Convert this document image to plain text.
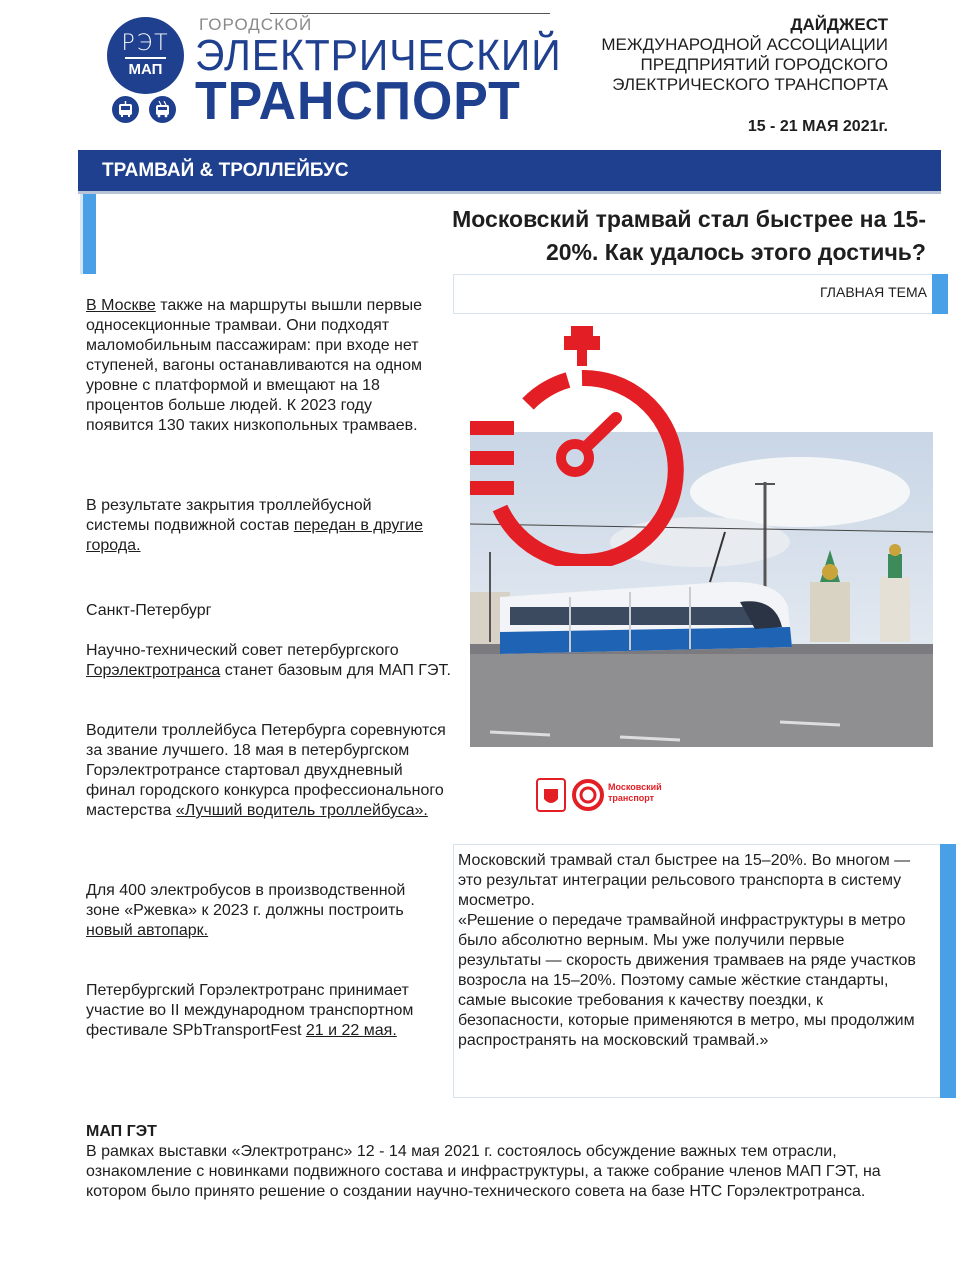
РЭТ
МАП
ГОРОДСКОЙ
ЭЛЕКТРИЧЕСКИЙ
ТРАНСПОРТ
ДАЙДЖЕСТ
МЕЖДУНАРОДНОЙ АССОЦИАЦИИ
ПРЕДПРИЯТИЙ ГОРОДСКОГО
ЭЛЕКТРИЧЕСКОГО ТРАНСПОРТА
15 - 21 МАЯ 2021г.
ТРАМВАЙ & ТРОЛЛЕЙБУС
Московский трамвай стал быстрее на 15-
20%. Как удалось этого достичь?
ГЛАВНАЯ ТЕМА
В Москве также на маршруты вышли первые односекционные трамваи. Они подходят маломобильным пассажирам: при входе нет ступеней, вагоны останавливаются на одном уровне с платформой и вмещают на 18 процентов больше людей. К 2023 году появится 130 таких низкопольных трамваев.
В результате закрытия троллейбусной системы подвижной состав передан в другие города.
Санкт-Петербург
Научно-технический совет петербургского Горэлектротранса станет базовым для МАП ГЭТ.
Водители троллейбуса Петербурга соревнуются за звание лучшего. 18 мая в петербургском Горэлектротрансе стартовал двухдневный финал городского конкурса профессионального мастерства «Лучший водитель троллейбуса».
Для 400 электробусов в производственной зоне «Ржевка» к 2023 г. должны построить новый автопарк.
Петербургский Горэлектротранс принимает участие во II международном транспортном фестивале SPbTransportFest 21 и 22 мая.
Московский транспорт
Московский трамвай стал быстрее на 15–20%. Во многом — это результат интеграции рельсового транспорта в систему мосметро.
«Решение о передаче трамвайной инфраструктуры в метро было абсолютно верным. Мы уже получили первые результаты — скорость движения трамваев на ряде участков возросла на 15–20%. Поэтому самые жёсткие стандарты, самые высокие требования к качеству поездки, к безопасности, которые применяются в метро, мы продолжим распространять на московский трамвай.»
МАП ГЭТ
В рамках выставки «Электротранс» 12 - 14 мая 2021 г. состоялось обсуждение важных тем отрасли, ознакомление с новинками подвижного состава и инфраструктуры, а также собрание членов МАП ГЭТ, на котором было принято решение о создании научно-технического совета на базе НТС Горэлектротранса.
